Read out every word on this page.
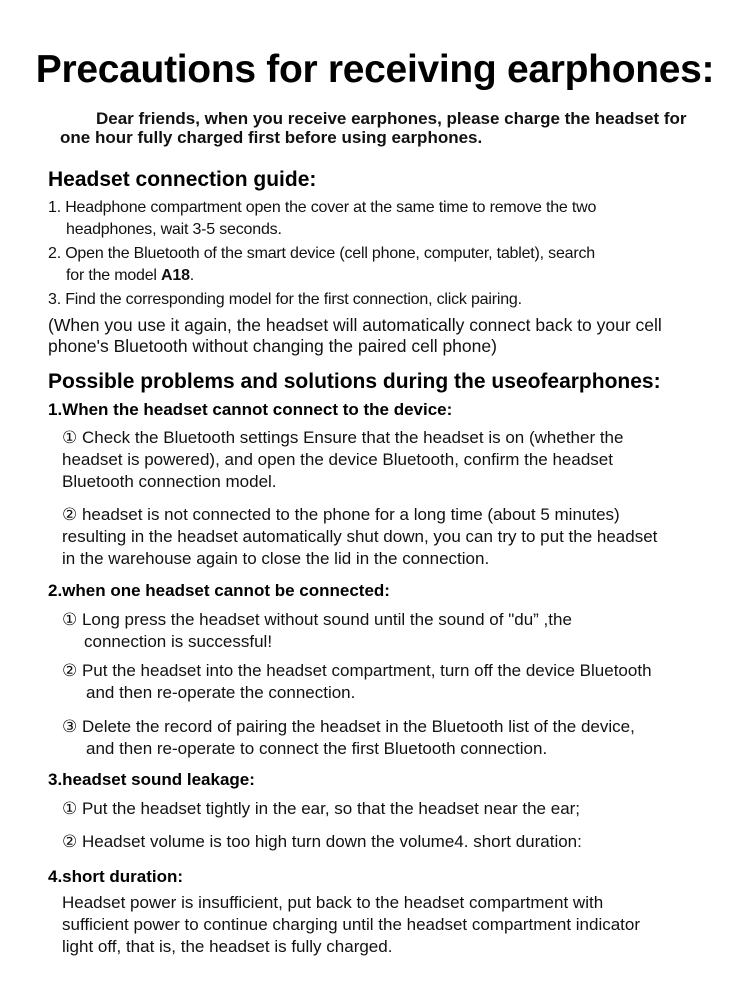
Precautions for receiving earphones:
Dear friends, when you receive earphones, please charge the headset for
one hour fully charged first before using earphones.
Headset connection guide:
1. Headphone compartment open the cover at the same time to remove the two
headphones, wait 3-5 seconds.
2. Open the Bluetooth of the smart device (cell phone, computer, tablet), search
for the model A18.
3. Find the corresponding model for the first connection, click pairing.
(When you use it again, the headset will automatically connect back to your cell
phone's Bluetooth without changing the paired cell phone)
Possible problems and solutions during the useofearphones:
1.When the headset cannot connect to the device:
① Check the Bluetooth settings Ensure that the headset is on (whether the
headset is powered), and open the device Bluetooth, confirm the headset
Bluetooth connection model.
② headset is not connected to the phone for a long time (about 5 minutes)
resulting in the headset automatically shut down, you can try to put the headset
in the warehouse again to close the lid in the connection.
2.when one headset cannot be connected:
① Long press the headset without sound until the sound of "du” ,the
connection is successful!
② Put the headset into the headset compartment, turn off the device Bluetooth
and then re-operate the connection.
③ Delete the record of pairing the headset in the Bluetooth list of the device,
and then re-operate to connect the first Bluetooth connection.
3.headset sound leakage:
① Put the headset tightly in the ear, so that the headset near the ear;
② Headset volume is too high turn down the volume4. short duration:
4.short duration:
Headset power is insufficient, put back to the headset compartment with
sufficient power to continue charging until the headset compartment indicator
light off, that is, the headset is fully charged.
